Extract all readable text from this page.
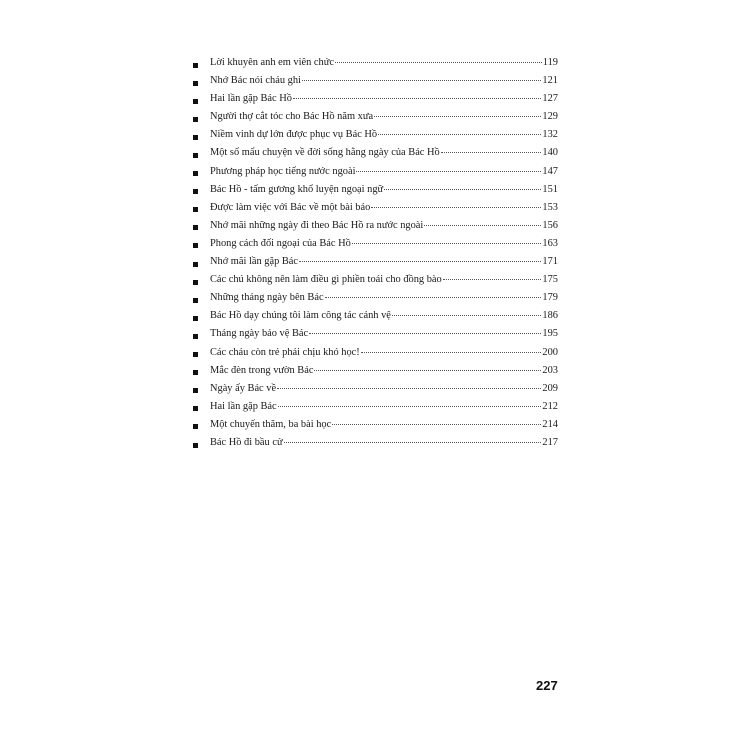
Lời khuyên anh em viên chức	119
Nhớ Bác nói cháu ghi	121
Hai lần gặp Bác Hồ	127
Người thợ cắt tóc cho Bác Hồ năm xưa	129
Niềm vinh dự lớn được phục vụ Bác Hồ	132
Một số mẩu chuyện về đời sống hằng ngày của Bác Hồ	140
Phương pháp học tiếng nước ngoài	147
Bác Hồ - tấm gương khổ luyện ngoại ngữ	151
Được làm việc với Bác về một bài báo	153
Nhớ mãi những ngày đi theo Bác Hồ ra nước ngoài	156
Phong cách đối ngoại của Bác Hồ	163
Nhớ mãi lần gặp Bác	171
Các chú không nên làm điều gì phiền toái cho đồng bào	175
Những tháng ngày bên Bác	179
Bác Hồ dạy chúng tôi làm công tác cảnh vệ	186
Tháng ngày bảo vệ Bác	195
Các cháu còn trẻ phải chịu khó học!	200
Mắc đèn trong vườn Bác	203
Ngày ấy Bác về	209
Hai lần gặp Bác	212
Một chuyến thăm, ba bài học	214
Bác Hồ đi bầu cử	217
227
